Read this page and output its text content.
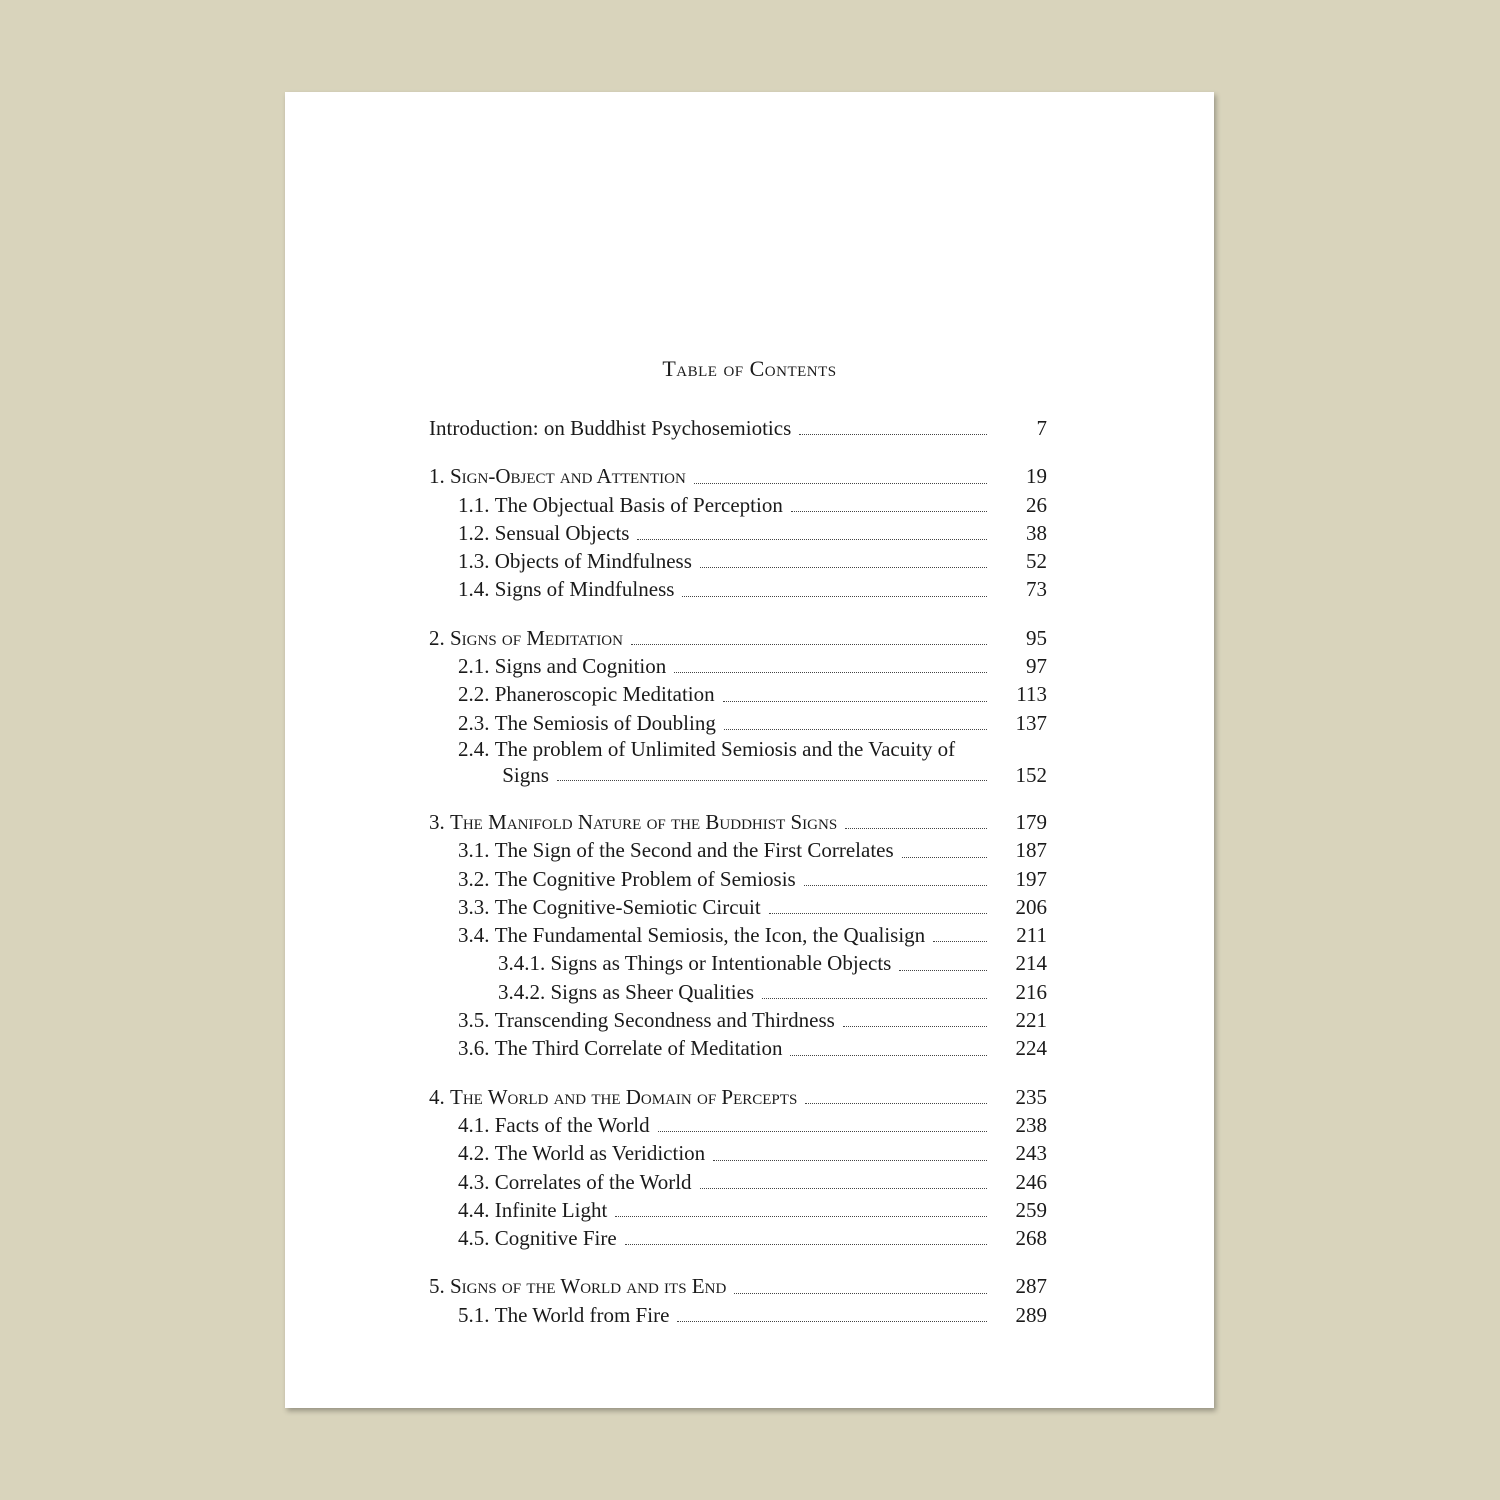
Table of Contents
Introduction: on Buddhist Psychosemiotics	7
1. Sign-Object and Attention	19
1.1. The Objectual Basis of Perception	26
1.2. Sensual Objects	38
1.3. Objects of Mindfulness	52
1.4. Signs of Mindfulness	73
2. Signs of Meditation	95
2.1. Signs and Cognition	97
2.2. Phaneroscopic Meditation	113
2.3. The Semiosis of Doubling	137
2.4. The problem of Unlimited Semiosis and the Vacuity of
Signs	152
3. The Manifold Nature of the Buddhist Signs	179
3.1. The Sign of the Second and the First Correlates	187
3.2. The Cognitive Problem of Semiosis	197
3.3. The Cognitive-Semiotic Circuit	206
3.4. The Fundamental Semiosis, the Icon, the Qualisign	211
3.4.1. Signs as Things or Intentionable Objects	214
3.4.2. Signs as Sheer Qualities	216
3.5. Transcending Secondness and Thirdness	221
3.6. The Third Correlate of Meditation	224
4. The World and the Domain of Percepts	235
4.1. Facts of the World	238
4.2. The World as Veridiction	243
4.3. Correlates of the World	246
4.4. Infinite Light	259
4.5. Cognitive Fire	268
5. Signs of the World and its End	287
5.1. The World from Fire	289
